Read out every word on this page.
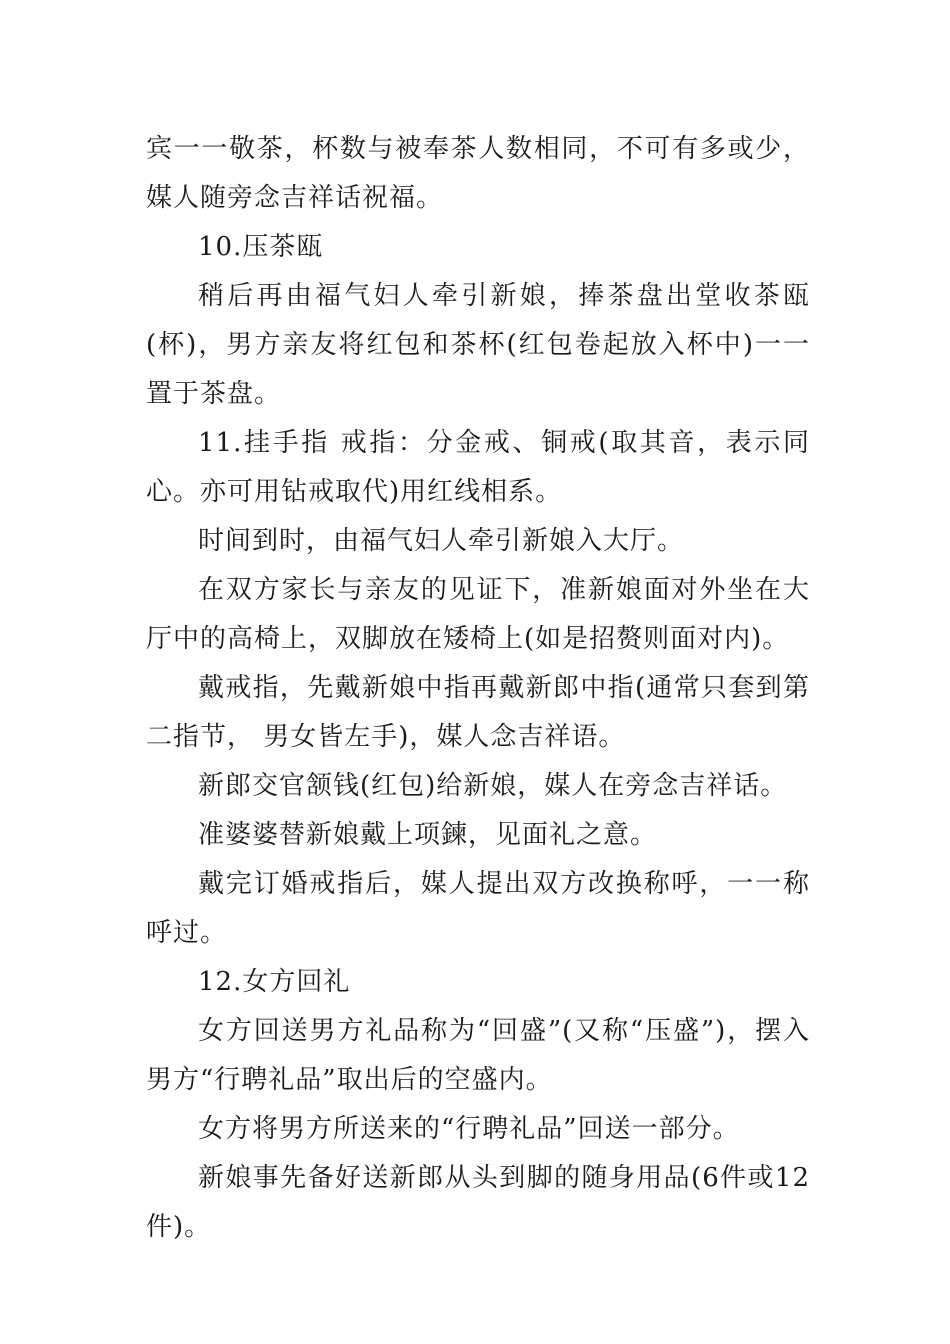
宾一一敬茶，杯数与被奉茶人数相同，不可有多或少，媒人随旁念吉祥话祝福。

10.压茶瓯

稍后再由福气妇人牵引新娘，捧茶盘出堂收茶瓯(杯)，男方亲友将红包和茶杯(红包卷起放入杯中)一一置于茶盘。

11.挂手指 戒指：分金戒、铜戒(取其音，表示同心。亦可用钻戒取代)用红线相系。

时间到时，由福气妇人牵引新娘入大厅。

在双方家长与亲友的见证下，准新娘面对外坐在大厅中的高椅上，双脚放在矮椅上(如是招赘则面对内)。

戴戒指，先戴新娘中指再戴新郎中指(通常只套到第二指节， 男女皆左手)，媒人念吉祥语。

新郎交官颔钱(红包)给新娘，媒人在旁念吉祥话。

准婆婆替新娘戴上项鍊，见面礼之意。

戴完订婚戒指后，媒人提出双方改换称呼，一一称呼过。

12.女方回礼

女方回送男方礼品称为“回盛”(又称“压盛”)，摆入男方“行聘礼品”取出后的空盛内。

女方将男方所送来的“行聘礼品”回送一部分。

新娘事先备好送新郎从头到脚的随身用品(6件或12件)。
